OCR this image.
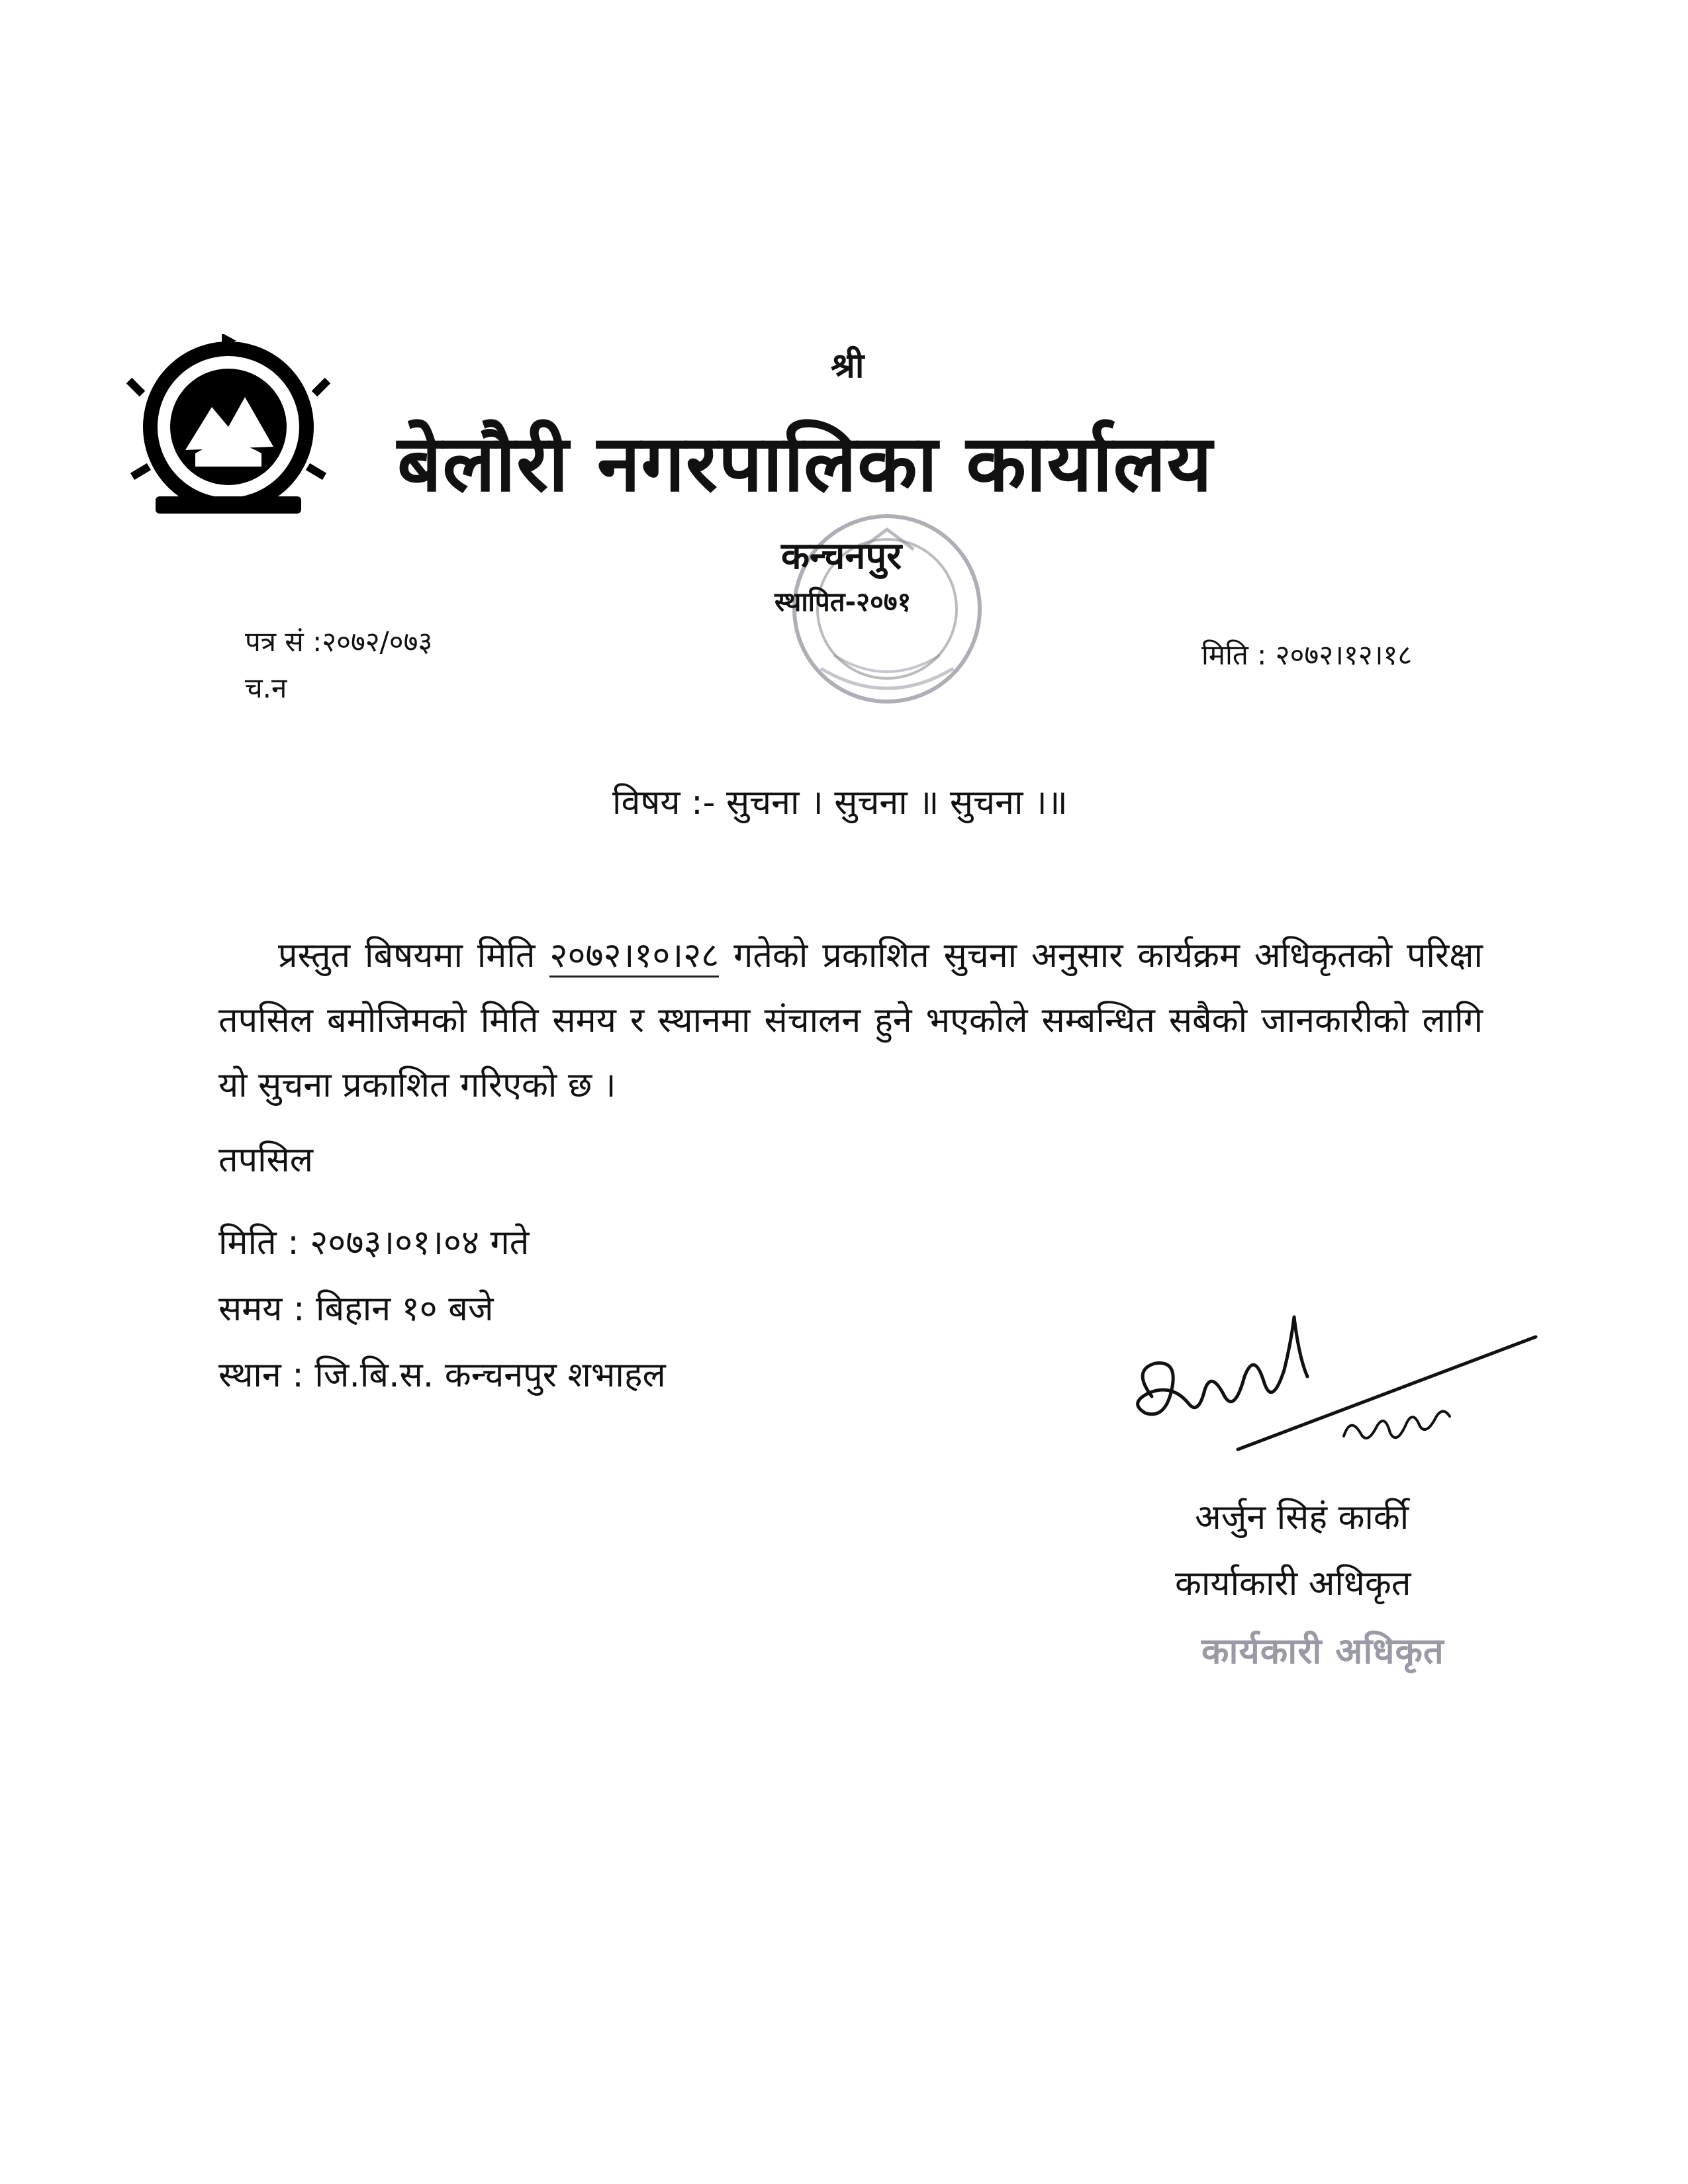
श्री
बेलौरी नगरपालिका कार्यालय
कन्चनपुर
स्थापित-२०७१
पत्र सं :२०७२/०७३
च.न
मिति : २०७२।१२।१८
विषय :- सुचना । सुचना ॥ सुचना ।॥
प्रस्तुत बिषयमा मिति २०७२।१०।२८ गतेको प्रकाशित सुचना अनुसार कार्यक्रम अधिकृतको परिक्षा तपसिल बमोजिमको मिति समय र स्थानमा संचालन हुने भएकोले सम्बन्धित सबैको जानकारीको लागि यो सुचना प्रकाशित गरिएको छ ।
तपसिल
मिति : २०७३।०१।०४ गते
समय : बिहान १० बजे
स्थान : जि.बि.स. कन्चनपुर शभाहल
अर्जुन सिहं कार्की
कार्याकारी अधिकृत
कार्यकारी अधिकृत
